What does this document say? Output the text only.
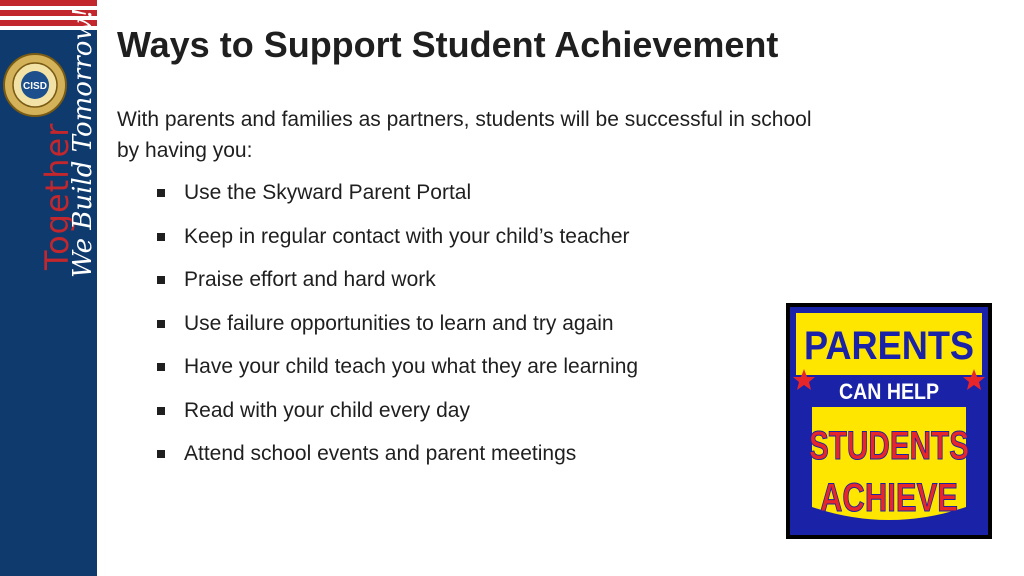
CISD
Together
We Build Tomorrow! Ways to Support Student Achievement

With parents and families as partners, students will be successful in school by having you:

Use the Skyward Parent Portal
Keep in regular contact with your child’s teacher
Praise effort and hard work
Use failure opportunities to learn and try again
Have your child teach you what they are learning
Read with your child every day
Attend school events and parent meetings
PARENTS
CAN HELP
STUDENTS
ACHIEVE
